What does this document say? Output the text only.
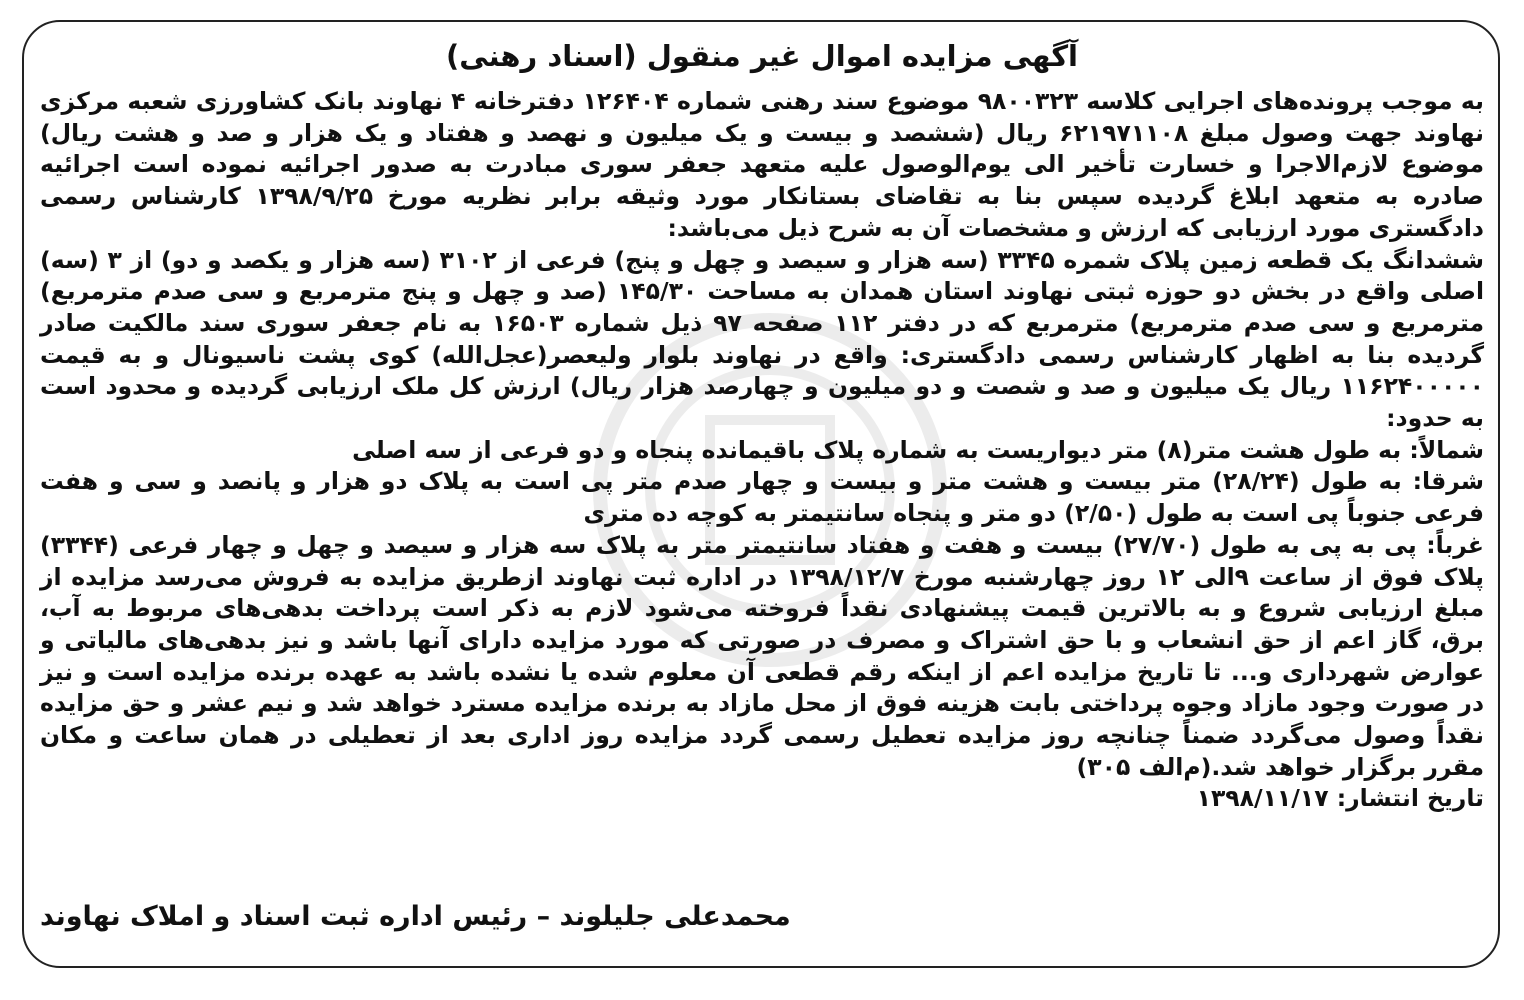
آگهی مزایده اموال غیر منقول (اسناد رهنی)

به موجب پرونده‌های اجرایی کلاسه ۹۸۰۰۳۲۳ موضوع سند رهنی شماره ۱۲۶۴۰۴ دفترخانه ۴ نهاوند بانک کشاورزی شعبه مرکزی نهاوند جهت وصول مبلغ ۶۲۱۹۷۱۱۰۸ ریال (ششصد و بیست و یک میلیون و نهصد و هفتاد و یک هزار و صد و هشت ریال) موضوع لازم‌الاجرا و خسارت تأخیر الی یوم‌الوصول علیه متعهد جعفر سوری مبادرت به صدور اجرائیه نموده است اجرائیه صادره به متعهد ابلاغ گردیده سپس بنا به تقاضای بستانکار مورد وثیقه برابر نظریه مورخ ۱۳۹۸/۹/۲۵ کارشناس رسمی دادگستری مورد ارزیابی که ارزش و مشخصات آن به شرح ذیل می‌باشد:

ششدانگ یک قطعه زمین پلاک شمره ۳۳۴۵ (سه هزار و سیصد و چهل و پنج) فرعی از ۳۱۰۲ (سه هزار و یکصد و دو) از ۳ (سه) اصلی واقع در بخش دو حوزه ثبتی نهاوند استان همدان به مساحت ۱۴۵/۳۰ (صد و چهل و پنج مترمربع و سی صدم مترمربع) مترمربع و سی صدم مترمربع) مترمربع که در دفتر ۱۱۲ صفحه ۹۷ ذیل شماره ۱۶۵۰۳ به نام جعفر سوری سند مالکیت صادر گردیده بنا به اظهار کارشناس رسمی دادگستری: واقع در نهاوند بلوار ولیعصر(عجل‌الله) کوی پشت ناسیونال و به قیمت ۱۱۶۲۴۰۰۰۰۰ ریال یک میلیون و صد و شصت و دو میلیون و چهارصد هزار ریال) ارزش کل ملک ارزیابی گردیده و محدود است به حدود:

شمالاً: به طول هشت متر(۸) متر دیواریست به شماره پلاک باقیمانده پنجاه و دو فرعی از سه اصلی

شرقا: به طول (۲۸/۲۴) متر بیست و هشت متر و بیست و چهار صدم متر پی است به پلاک دو هزار و پانصد و سی و هفت فرعی جنوباً پی است به طول (۲/۵۰) دو متر و پنجاه سانتیمتر به کوچه ده متری

غرباً: پی به پی به طول (۲۷/۷۰) بیست و هفت و هفتاد سانتیمتر متر به پلاک سه هزار و سیصد و چهل و چهار فرعی (۳۳۴۴) پلاک فوق از ساعت ۹الی ۱۲ روز چهارشنبه مورخ ۱۳۹۸/۱۲/۷ در اداره ثبت نهاوند ازطریق مزایده به فروش می‌رسد مزایده از مبلغ ارزیابی شروع و به بالاترین قیمت پیشنهادی نقداً فروخته می‌شود لازم به ذکر است پرداخت بدهی‌های مربوط به آب، برق، گاز اعم از حق انشعاب و با حق اشتراک و مصرف در صورتی که مورد مزایده دارای آنها باشد و نیز بدهی‌های مالیاتی و عوارض شهرداری و... تا تاریخ مزایده اعم از اینکه رقم قطعی آن معلوم شده یا نشده باشد به عهده برنده مزایده است و نیز در صورت وجود مازاد وجوه پرداختی بابت هزینه فوق از محل مازاد به برنده مزایده مسترد خواهد شد و نیم عشر و حق مزایده نقداً وصول می‌گردد ضمناً چنانچه روز مزایده تعطیل رسمی گردد مزایده روز اداری بعد از تعطیلی در همان ساعت و مکان مقرر برگزار خواهد شد.(م‌الف ۳۰۵)

تاریخ انتشار: ۱۳۹۸/۱۱/۱۷

محمدعلی جلیلوند – رئیس اداره ثبت اسناد و املاک نهاوند
